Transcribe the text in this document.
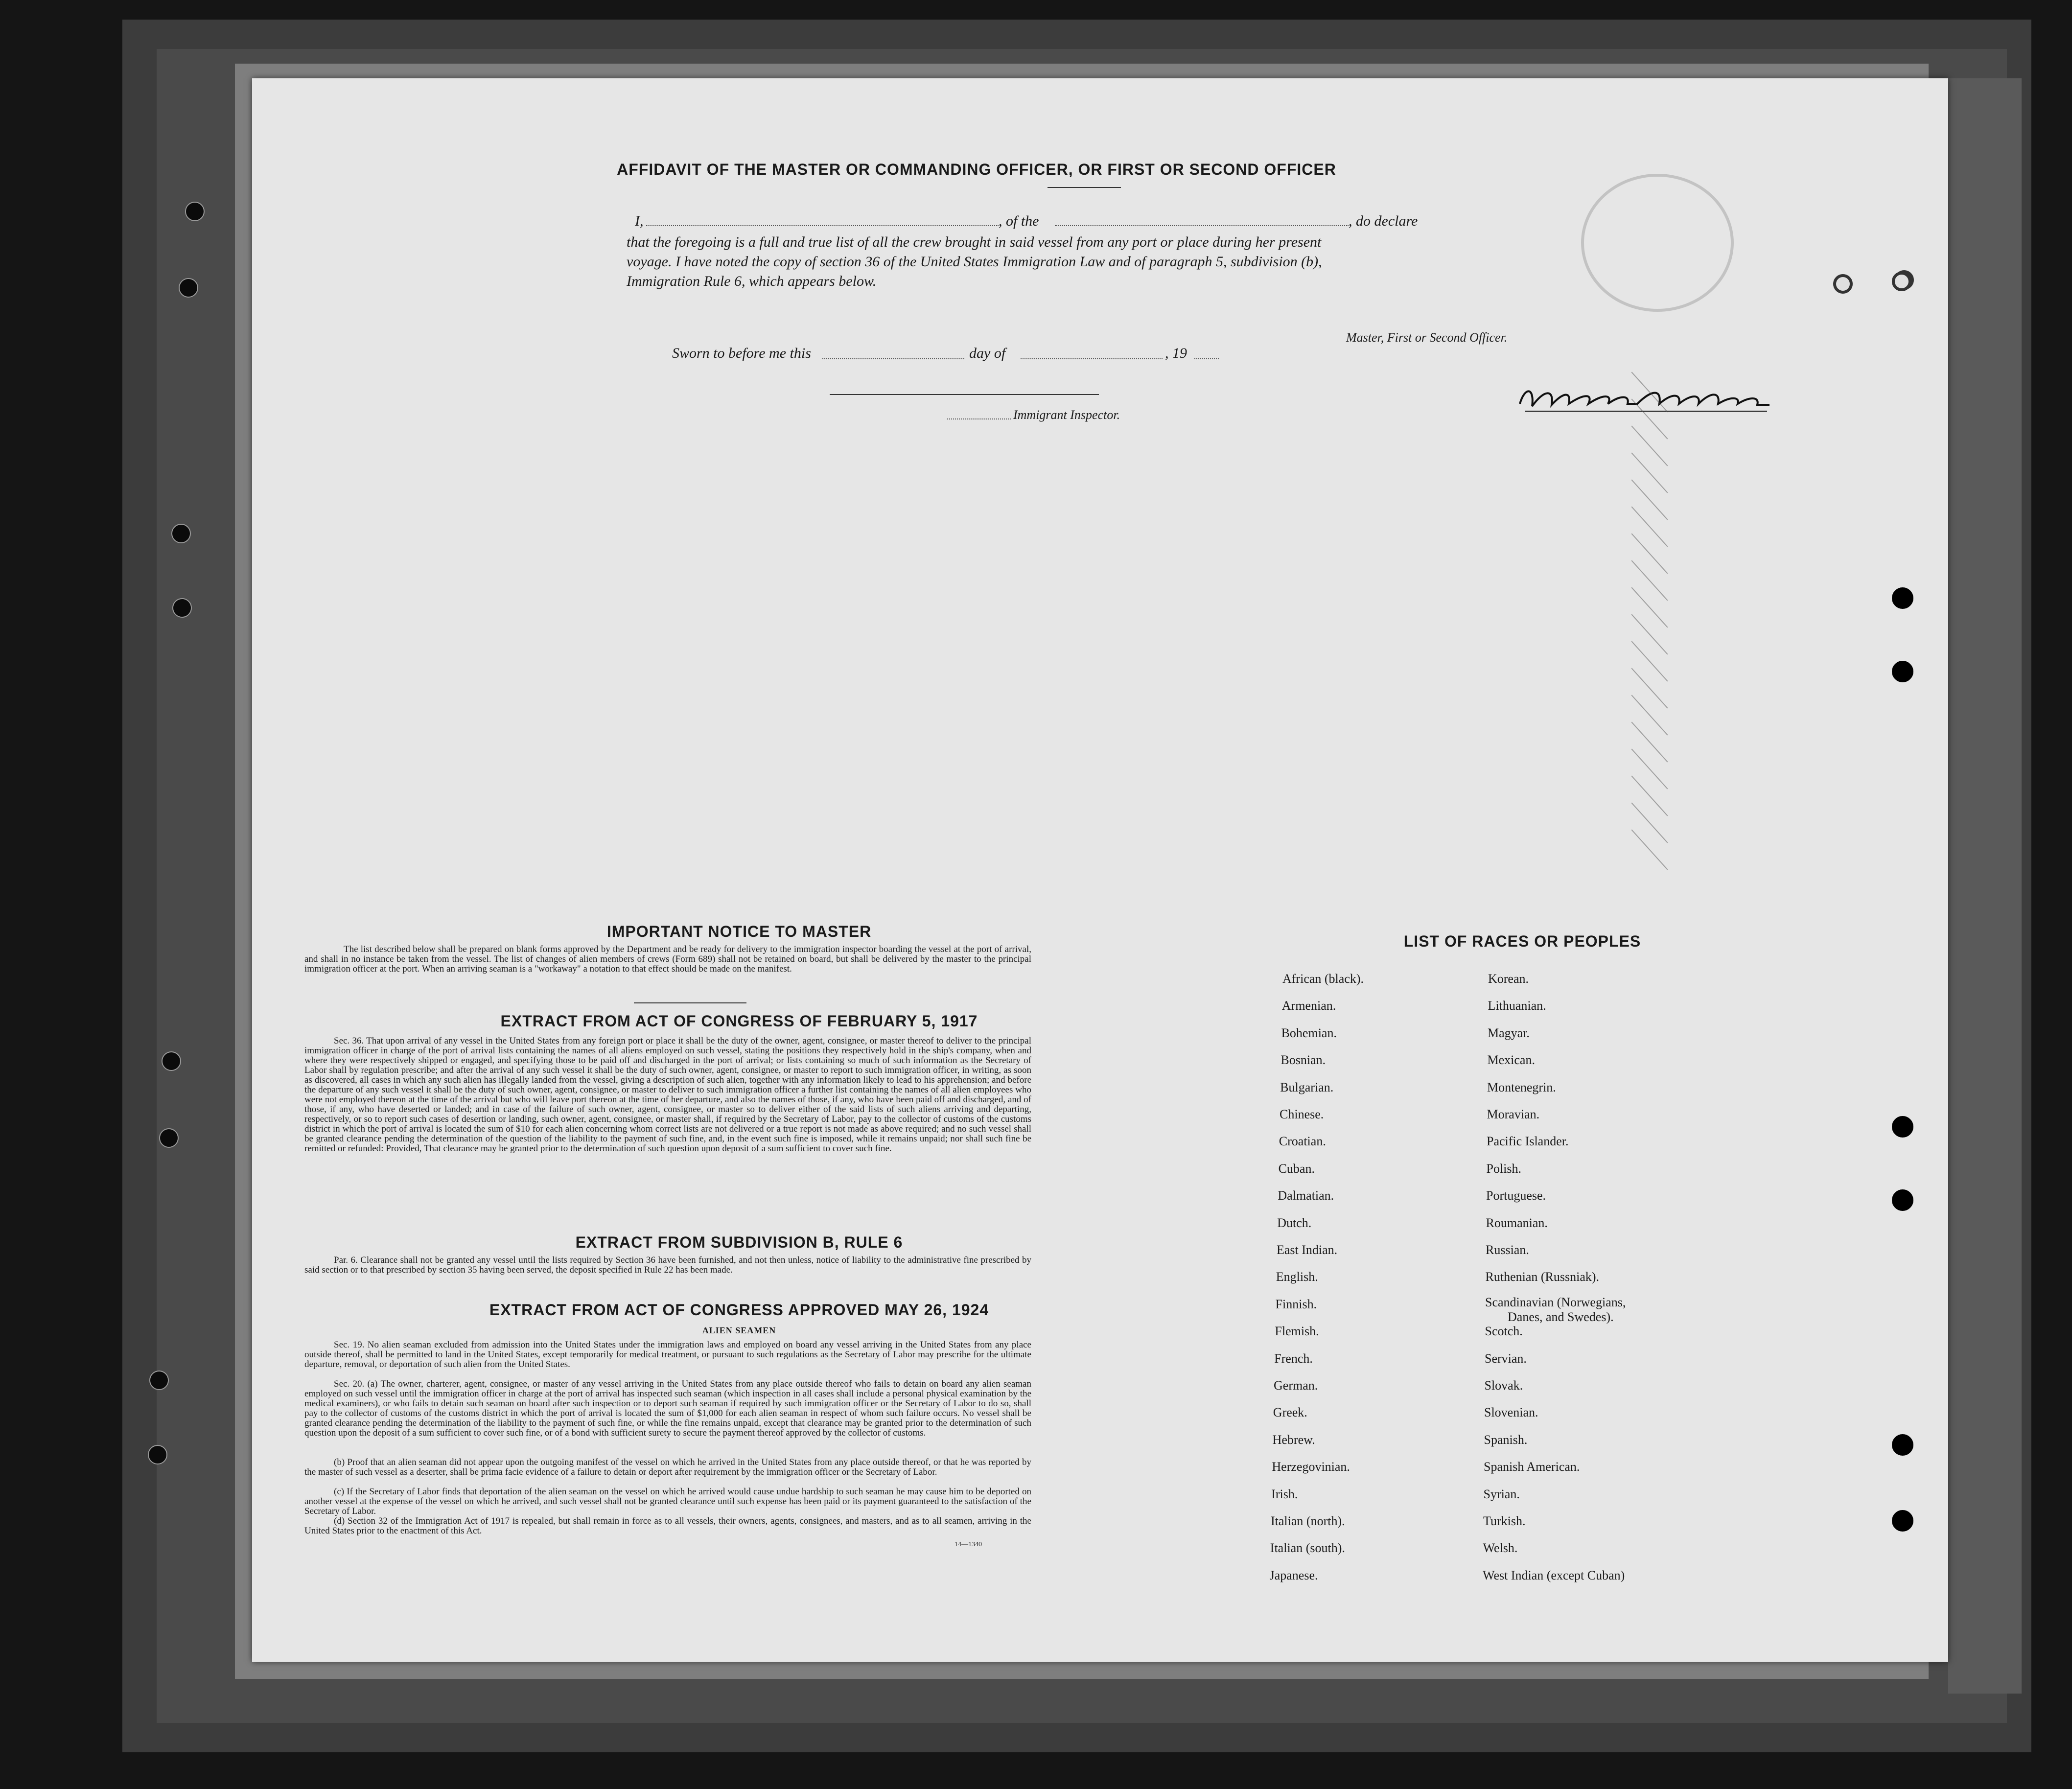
AFFIDAVIT OF THE MASTER OR COMMANDING OFFICER, OR FIRST OR SECOND OFFICER
I,	, of the	, do declare
that the foregoing is a full and true list of all the crew brought in said vessel from any port or place during her present
voyage. I have noted the copy of section 36 of the United States Immigration Law and of paragraph 5, subdivision (b),
Immigration Rule 6, which appears below.
Master, First or Second Officer.
Sworn to before me this	day of	, 19
Immigrant Inspector.
IMPORTANT NOTICE TO MASTER
The list described below shall be prepared on blank forms approved by the Department and be ready for delivery to the immigration inspector boarding the vessel at the port of arrival, and shall in no instance be taken from the vessel. The list of changes of alien members of crews (Form 689) shall not be retained on board, but shall be delivered by the master to the principal immigration officer at the port. When an arriving seaman is a "workaway" a notation to that effect should be made on the manifest.
EXTRACT FROM ACT OF CONGRESS OF FEBRUARY 5, 1917
Sec. 36. That upon arrival of any vessel in the United States from any foreign port or place it shall be the duty of the owner, agent, consignee, or master thereof to deliver to the principal immigration officer in charge of the port of arrival lists containing the names of all aliens employed on such vessel, stating the positions they respectively hold in the ship's company, when and where they were respectively shipped or engaged, and specifying those to be paid off and discharged in the port of arrival; or lists containing so much of such information as the Secretary of Labor shall by regulation prescribe; and after the arrival of any such vessel it shall be the duty of such owner, agent, consignee, or master to report to such immigration officer, in writing, as soon as discovered, all cases in which any such alien has illegally landed from the vessel, giving a description of such alien, together with any information likely to lead to his apprehension; and before the departure of any such vessel it shall be the duty of such owner, agent, consignee, or master to deliver to such immigration officer a further list containing the names of all alien employees who were not employed thereon at the time of the arrival but who will leave port thereon at the time of her departure, and also the names of those, if any, who have been paid off and discharged, and of those, if any, who have deserted or landed; and in case of the failure of such owner, agent, consignee, or master so to deliver either of the said lists of such aliens arriving and departing, respectively, or so to report such cases of desertion or landing, such owner, agent, consignee, or master shall, if required by the Secretary of Labor, pay to the collector of customs of the customs district in which the port of arrival is located the sum of $10 for each alien concerning whom correct lists are not delivered or a true report is not made as above required; and no such vessel shall be granted clearance pending the determination of the question of the liability to the payment of such fine, and, in the event such fine is imposed, while it remains unpaid; nor shall such fine be remitted or refunded: Provided, That clearance may be granted prior to the determination of such question upon deposit of a sum sufficient to cover such fine.
EXTRACT FROM SUBDIVISION B, RULE 6
Par. 6. Clearance shall not be granted any vessel until the lists required by Section 36 have been furnished, and not then unless, notice of liability to the administrative fine prescribed by said section or to that prescribed by section 35 having been served, the deposit specified in Rule 22 has been made.
EXTRACT FROM ACT OF CONGRESS APPROVED MAY 26, 1924
ALIEN SEAMEN
Sec. 19. No alien seaman excluded from admission into the United States under the immigration laws and employed on board any vessel arriving in the United States from any place outside thereof, shall be permitted to land in the United States, except temporarily for medical treatment, or pursuant to such regulations as the Secretary of Labor may prescribe for the ultimate departure, removal, or deportation of such alien from the United States.
Sec. 20. (a) The owner, charterer, agent, consignee, or master of any vessel arriving in the United States from any place outside thereof who fails to detain on board any alien seaman employed on such vessel until the immigration officer in charge at the port of arrival has inspected such seaman (which inspection in all cases shall include a personal physical examination by the medical examiners), or who fails to detain such seaman on board after such inspection or to deport such seaman if required by such immigration officer or the Secretary of Labor to do so, shall pay to the collector of customs of the customs district in which the port of arrival is located the sum of $1,000 for each alien seaman in respect of whom such failure occurs. No vessel shall be granted clearance pending the determination of the liability to the payment of such fine, or while the fine remains unpaid, except that clearance may be granted prior to the determination of such question upon the deposit of a sum sufficient to cover such fine, or of a bond with sufficient surety to secure the payment thereof approved by the collector of customs.
(b) Proof that an alien seaman did not appear upon the outgoing manifest of the vessel on which he arrived in the United States from any place outside thereof, or that he was reported by the master of such vessel as a deserter, shall be prima facie evidence of a failure to detain or deport after requirement by the immigration officer or the Secretary of Labor.
(c) If the Secretary of Labor finds that deportation of the alien seaman on the vessel on which he arrived would cause undue hardship to such seaman he may cause him to be deported on another vessel at the expense of the vessel on which he arrived, and such vessel shall not be granted clearance until such expense has been paid or its payment guaranteed to the satisfaction of the Secretary of Labor.
(d) Section 32 of the Immigration Act of 1917 is repealed, but shall remain in force as to all vessels, their owners, agents, consignees, and masters, and as to all seamen, arriving in the United States prior to the enactment of this Act.
14—1340
LIST OF RACES OR PEOPLES
African (black).
Armenian.
Bohemian.
Bosnian.
Bulgarian.
Chinese.
Croatian.
Cuban.
Dalmatian.
Dutch.
East Indian.
English.
Finnish.
Flemish.
French.
German.
Greek.
Hebrew.
Herzegovinian.
Irish.
Italian (north).
Italian (south).
Japanese.
Korean.
Lithuanian.
Magyar.
Mexican.
Montenegrin.
Moravian.
Pacific Islander.
Polish.
Portuguese.
Roumanian.
Russian.
Ruthenian (Russniak).
Scandinavian (Norwegians,
Danes, and Swedes).
Scotch.
Servian.
Slovak.
Slovenian.
Spanish.
Spanish American.
Syrian.
Turkish.
Welsh.
West Indian (except Cuban)
